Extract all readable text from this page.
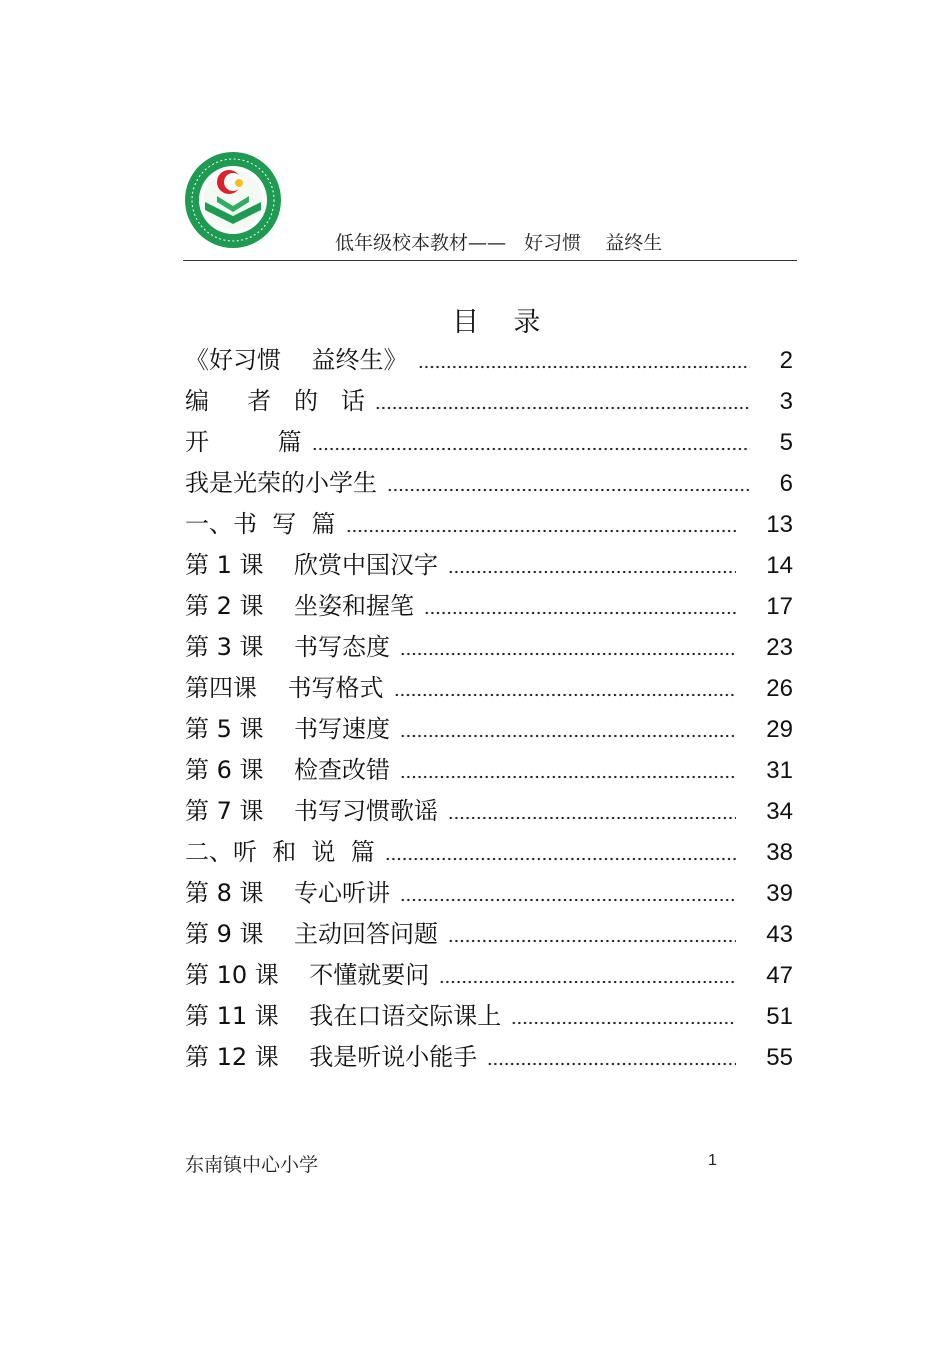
低年级校本教材——   好习惯    益终生
目    录
《好习惯    益终生》	2
编     者   的   话	3
开         篇	5
我是光荣的小学生	6
一、书  写  篇	13
第 1 课    欣赏中国汉字	14
第 2 课    坐姿和握笔	17
第 3 课    书写态度	23
第四课    书写格式	26
第 5 课    书写速度	29
第 6 课    检查改错	31
第 7 课    书写习惯歌谣	34
二、听  和  说  篇	38
第 8 课    专心听讲	39
第 9 课    主动回答问题	43
第 10 课    不懂就要问	47
第 11 课    我在口语交际课上	51
第 12 课    我是听说小能手	55
东南镇中心小学	1
